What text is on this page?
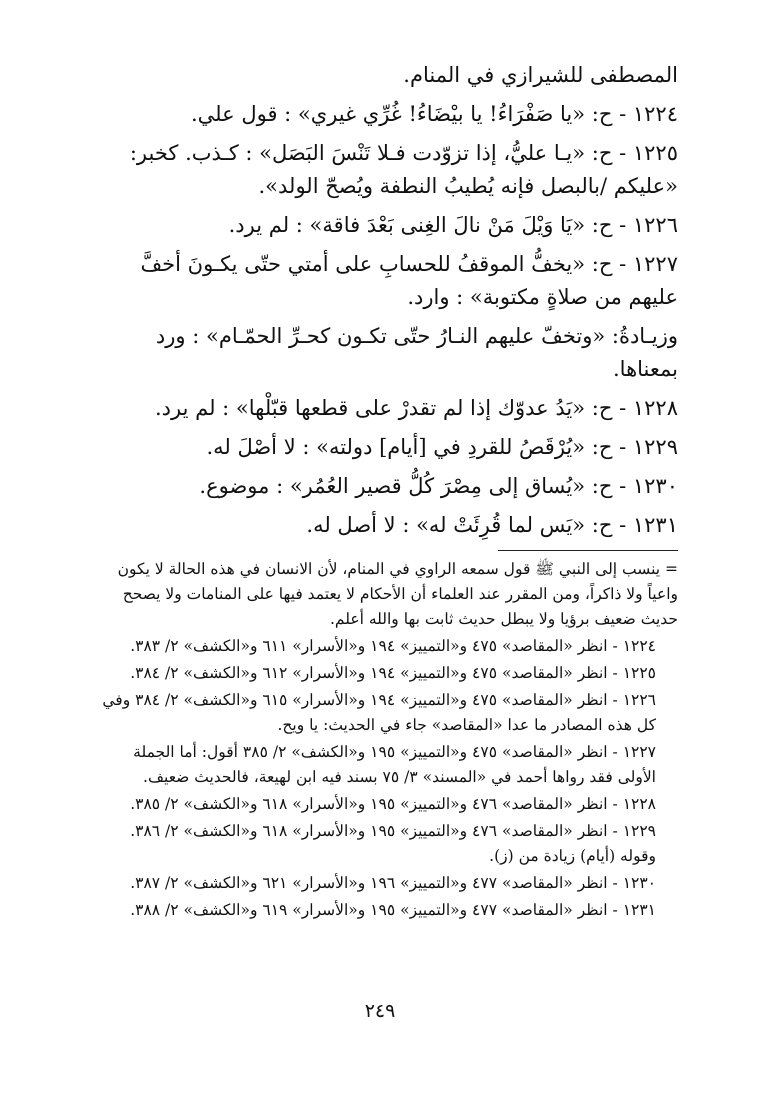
المصطفى للشيرازي في المنام.

١٢٢٤ - ح: «يا صَفْرَاءُ! يا بيْضَاءُ! غُرِّي غيري» : قول علي.

١٢٢٥ - ح: «يـا عليُّ، إذا تزوّدت فـلا تَنْسَ البَصَل» : كـذب. كخبر: «عليكم /بالبصل فإنه يُطيبُ النطفة ويُصحّ الولد».

١٢٢٦ - ح: «يَا وَيْلَ مَنْ نالَ الغِنى بَعْدَ فاقة» : لم يرد.

١٢٢٧ - ح: «يخفُّ الموقفُ للحسابِ على أمتي حتّى يكـونَ أخفَّ عليهم من صلاةٍ مكتوبة» : وارد.

وزيـادةُ: «وتخفّ عليهم النـارُ حتّى تكـون كحـرِّ الحمّـام» : ورد بمعناها.

١٢٢٨ - ح: «يَدُ عدوّك إذا لم تقدرْ على قطعها قبّلْها» : لم يرد.

١٢٢٩ - ح: «يُرْقَصُ للقردِ في [أيام] دولته» : لا أصْلَ له.

١٢٣٠ - ح: «يُساق إلى مِصْرَ كُلُّ قصير العُمُر» : موضوع.

١٢٣١ - ح: «يَس لما قُرِئَتْ له» : لا أصل له.

= ينسب إلى النبي ﷺ قول سمعه الراوي في المنام، لأن الانسان في هذه الحالة لا يكون واعياً ولا ذاكراً، ومن المقرر عند العلماء أن الأحكام لا يعتمد فيها على المنامات ولا يصحح حديث ضعيف برؤيا ولا يبطل حديث ثابت بها والله أعلم.

١٢٢٤ - انظر «المقاصد» ٤٧٥ و«التمييز» ١٩٤ و«الأسرار» ٦١١ و«الكشف» ٢/ ٣٨٣.

١٢٢٥ - انظر «المقاصد» ٤٧٥ و«التمييز» ١٩٤ و«الأسرار» ٦١٢ و«الكشف» ٢/ ٣٨٤.

١٢٢٦ - انظر «المقاصد» ٤٧٥ و«التمييز» ١٩٤ و«الأسرار» ٦١٥ و«الكشف» ٢/ ٣٨٤ وفي كل هذه المصادر ما عدا «المقاصد» جاء في الحديث: يا ويح.

١٢٢٧ - انظر «المقاصد» ٤٧٥ و«التمييز» ١٩٥ و«الكشف» ٢/ ٣٨٥ أقول: أما الجملة الأولى فقد رواها أحمد في «المسند» ٣/ ٧٥ بسند فيه ابن لهيعة، فالحديث ضعيف.

١٢٢٨ - انظر «المقاصد» ٤٧٦ و«التمييز» ١٩٥ و«الأسرار» ٦١٨ و«الكشف» ٢/ ٣٨٥.

١٢٢٩ - انظر «المقاصد» ٤٧٦ و«التمييز» ١٩٥ و«الأسرار» ٦١٨ و«الكشف» ٢/ ٣٨٦. وقوله (أيام) زيادة من (ز).

١٢٣٠ - انظر «المقاصد» ٤٧٧ و«التمييز» ١٩٦ و«الأسرار» ٦٢١ و«الكشف» ٢/ ٣٨٧.

١٢٣١ - انظر «المقاصد» ٤٧٧ و«التمييز» ١٩٥ و«الأسرار» ٦١٩ و«الكشف» ٢/ ٣٨٨.

٢٤٩
